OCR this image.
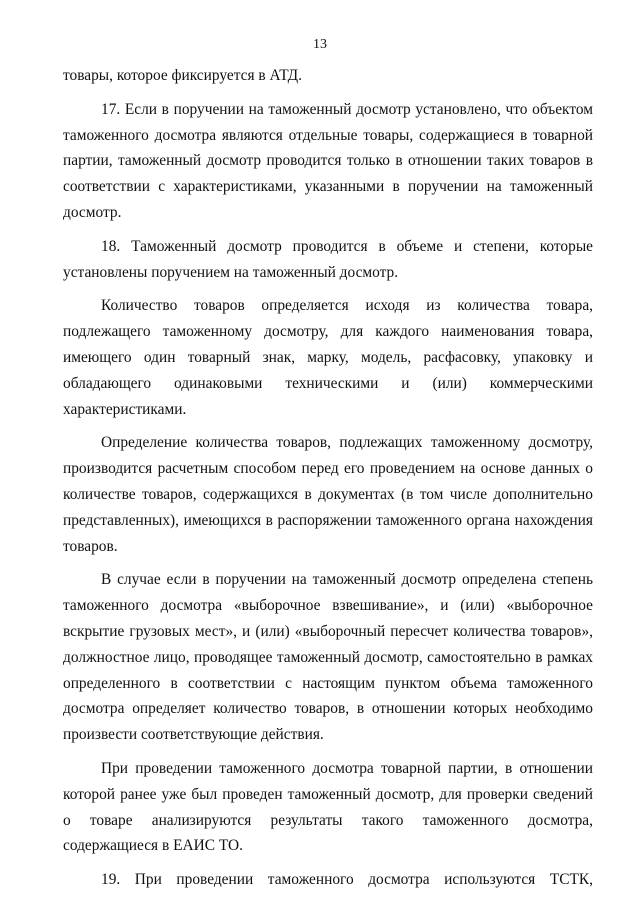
13

товары, которое фиксируется в АТД.

17. Если в поручении на таможенный досмотр установлено, что объектом таможенного досмотра являются отдельные товары, содержащиеся в товарной партии, таможенный досмотр проводится только в отношении таких товаров в соответствии с характеристиками, указанными в поручении на таможенный досмотр.

18. Таможенный досмотр проводится в объеме и степени, которые установлены поручением на таможенный досмотр.

Количество товаров определяется исходя из количества товара, подлежащего таможенному досмотру, для каждого наименования товара, имеющего один товарный знак, марку, модель, расфасовку, упаковку и обладающего одинаковыми техническими и (или) коммерческими характеристиками.

Определение количества товаров, подлежащих таможенному досмотру, производится расчетным способом перед его проведением на основе данных о количестве товаров, содержащихся в документах (в том числе дополнительно представленных), имеющихся в распоряжении таможенного органа нахождения товаров.

В случае если в поручении на таможенный досмотр определена степень таможенного досмотра «выборочное взвешивание», и (или) «выборочное вскрытие грузовых мест», и (или) «выборочный пересчет количества товаров», должностное лицо, проводящее таможенный досмотр, самостоятельно в рамках определенного в соответствии с настоящим пунктом объема таможенного досмотра определяет количество товаров, в отношении которых необходимо произвести соответствующие действия.

При проведении таможенного досмотра товарной партии, в отношении которой ранее уже был проведен таможенный досмотр, для проверки сведений о товаре анализируются результаты такого таможенного досмотра, содержащиеся в ЕАИС ТО.

19. При проведении таможенного досмотра используются ТСТК,
